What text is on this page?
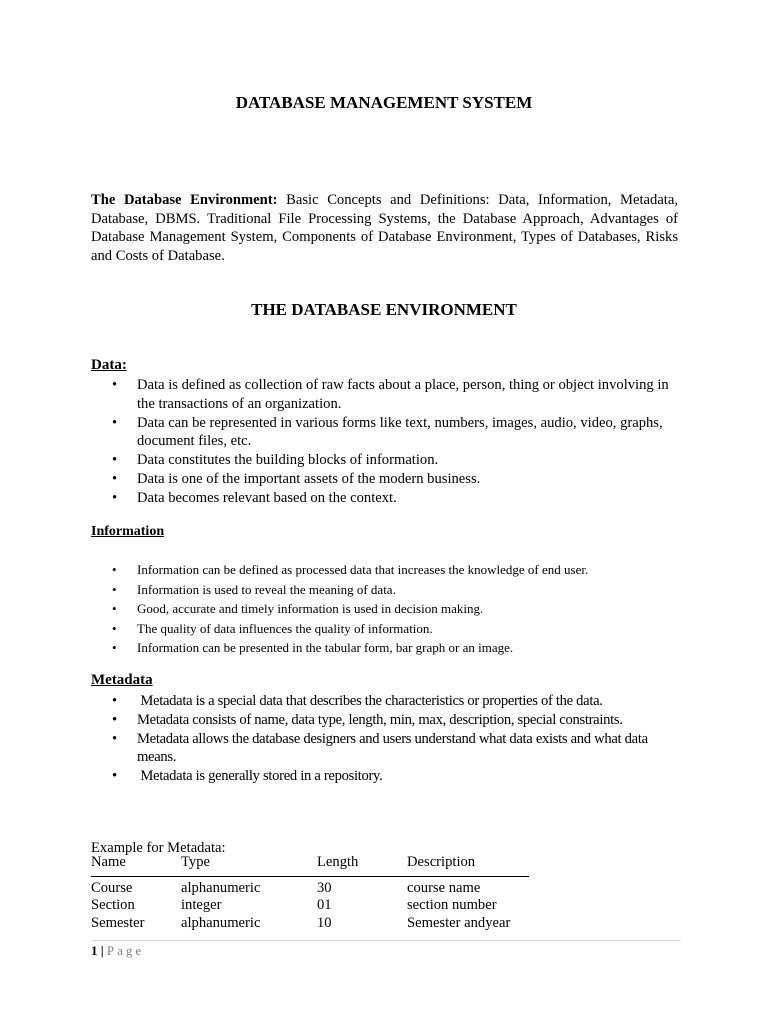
DATABASE MANAGEMENT SYSTEM
The Database Environment: Basic Concepts and Definitions: Data, Information, Metadata, Database, DBMS. Traditional File Processing Systems, the Database Approach, Advantages of Database Management System, Components of Database Environment, Types of Databases, Risks and Costs of Database.
THE DATABASE ENVIRONMENT
Data:
• Data is defined as collection of raw facts about a place, person, thing or object involving in the transactions of an organization.
• Data can be represented in various forms like text, numbers, images, audio, video, graphs, document files, etc.
• Data constitutes the building blocks of information.
• Data is one of the important assets of the modern business.
• Data becomes relevant based on the context.
Information
• Information can be defined as processed data that increases the knowledge of end user.
• Information is used to reveal the meaning of data.
• Good, accurate and timely information is used in decision making.
• The quality of data influences the quality of information.
• Information can be presented in the tabular form, bar graph or an image.
Metadata
• Metadata is a special data that describes the characteristics or properties of the data.
• Metadata consists of name, data type, length, min, max, description, special constraints.
• Metadata allows the database designers and users understand what data exists and what data means.
• Metadata is generally stored in a repository.
Example for Metadata:
Name	Type	Length	Description
Course	alphanumeric	30	course name
Section	integer	01	section number
Semester	alphanumeric	10	Semester andyear
1 | Page
